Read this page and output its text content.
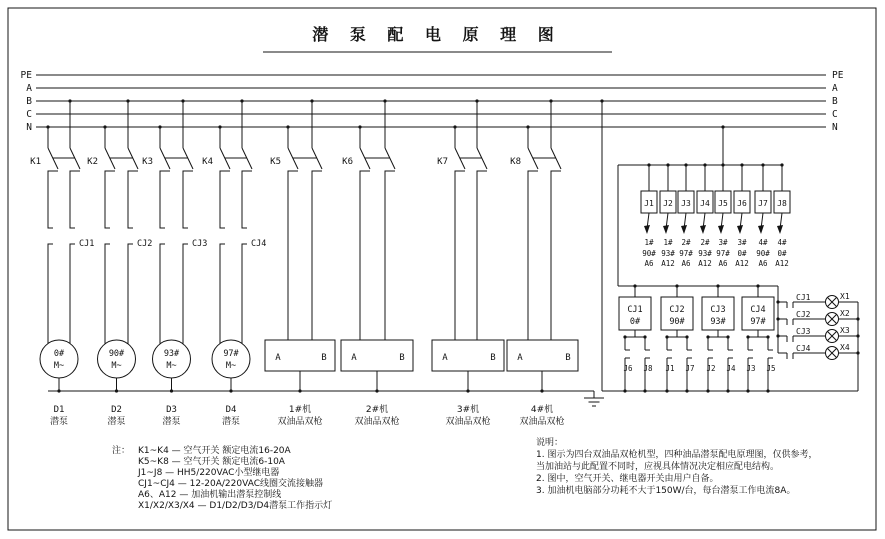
潜 泵 配 电 原 理 图
PE
A
B
C
N
PE
A
B
C
N
K1	K2	K3	K4	K5	K6	K7	K8
CJ1	CJ2	CJ3	CJ4
0#
M~
D1
潜泵
90#
M~
D2
潜泵
93#
M~
D3
潜泵
97#
M~
D4
潜泵
A	B
1#机
双油品双枪
A	B
2#机
双油品双枪
A	B
3#机
双油品双枪
A	B
4#机
双油品双枪
J1
1#
90#
A6
J2
1#
93#
A12
J3
2#
97#
A6
J4
2#
93#
A12
J5
3#
97#
A6
J6
3#
0#
A12
J7
4#
90#
A6
J8
4#
0#
A12
CJ1
0#
J6 J8
CJ2
90#
J1 J7
CJ3
93#
J2 J4
CJ4
97#
J3 J5
CJ1	X1
CJ2	X2
CJ3	X3
CJ4	X4
注： K1~K4 — 空气开关 额定电流16-20A
K5~K8 — 空气开关 额定电流6-10A
J1~J8 — HH5/220VAC小型继电器
CJ1~CJ4 — 12-20A/220VAC线圈交流接触器
A6、A12 — 加油机输出潜泵控制线
X1/X2/X3/X4 — D1/D2/D3/D4潜泵工作指示灯
说明：
1. 图示为四台双油品双枪机型，四种油品潜泵配电原理图，仅供参考，
当加油站与此配置不同时，应视具体情况决定相应配电结构。
2. 图中，空气开关、继电器开关由用户自备。
3. 加油机电脑部分功耗不大于150W/台，每台潜泵工作电流8A。
